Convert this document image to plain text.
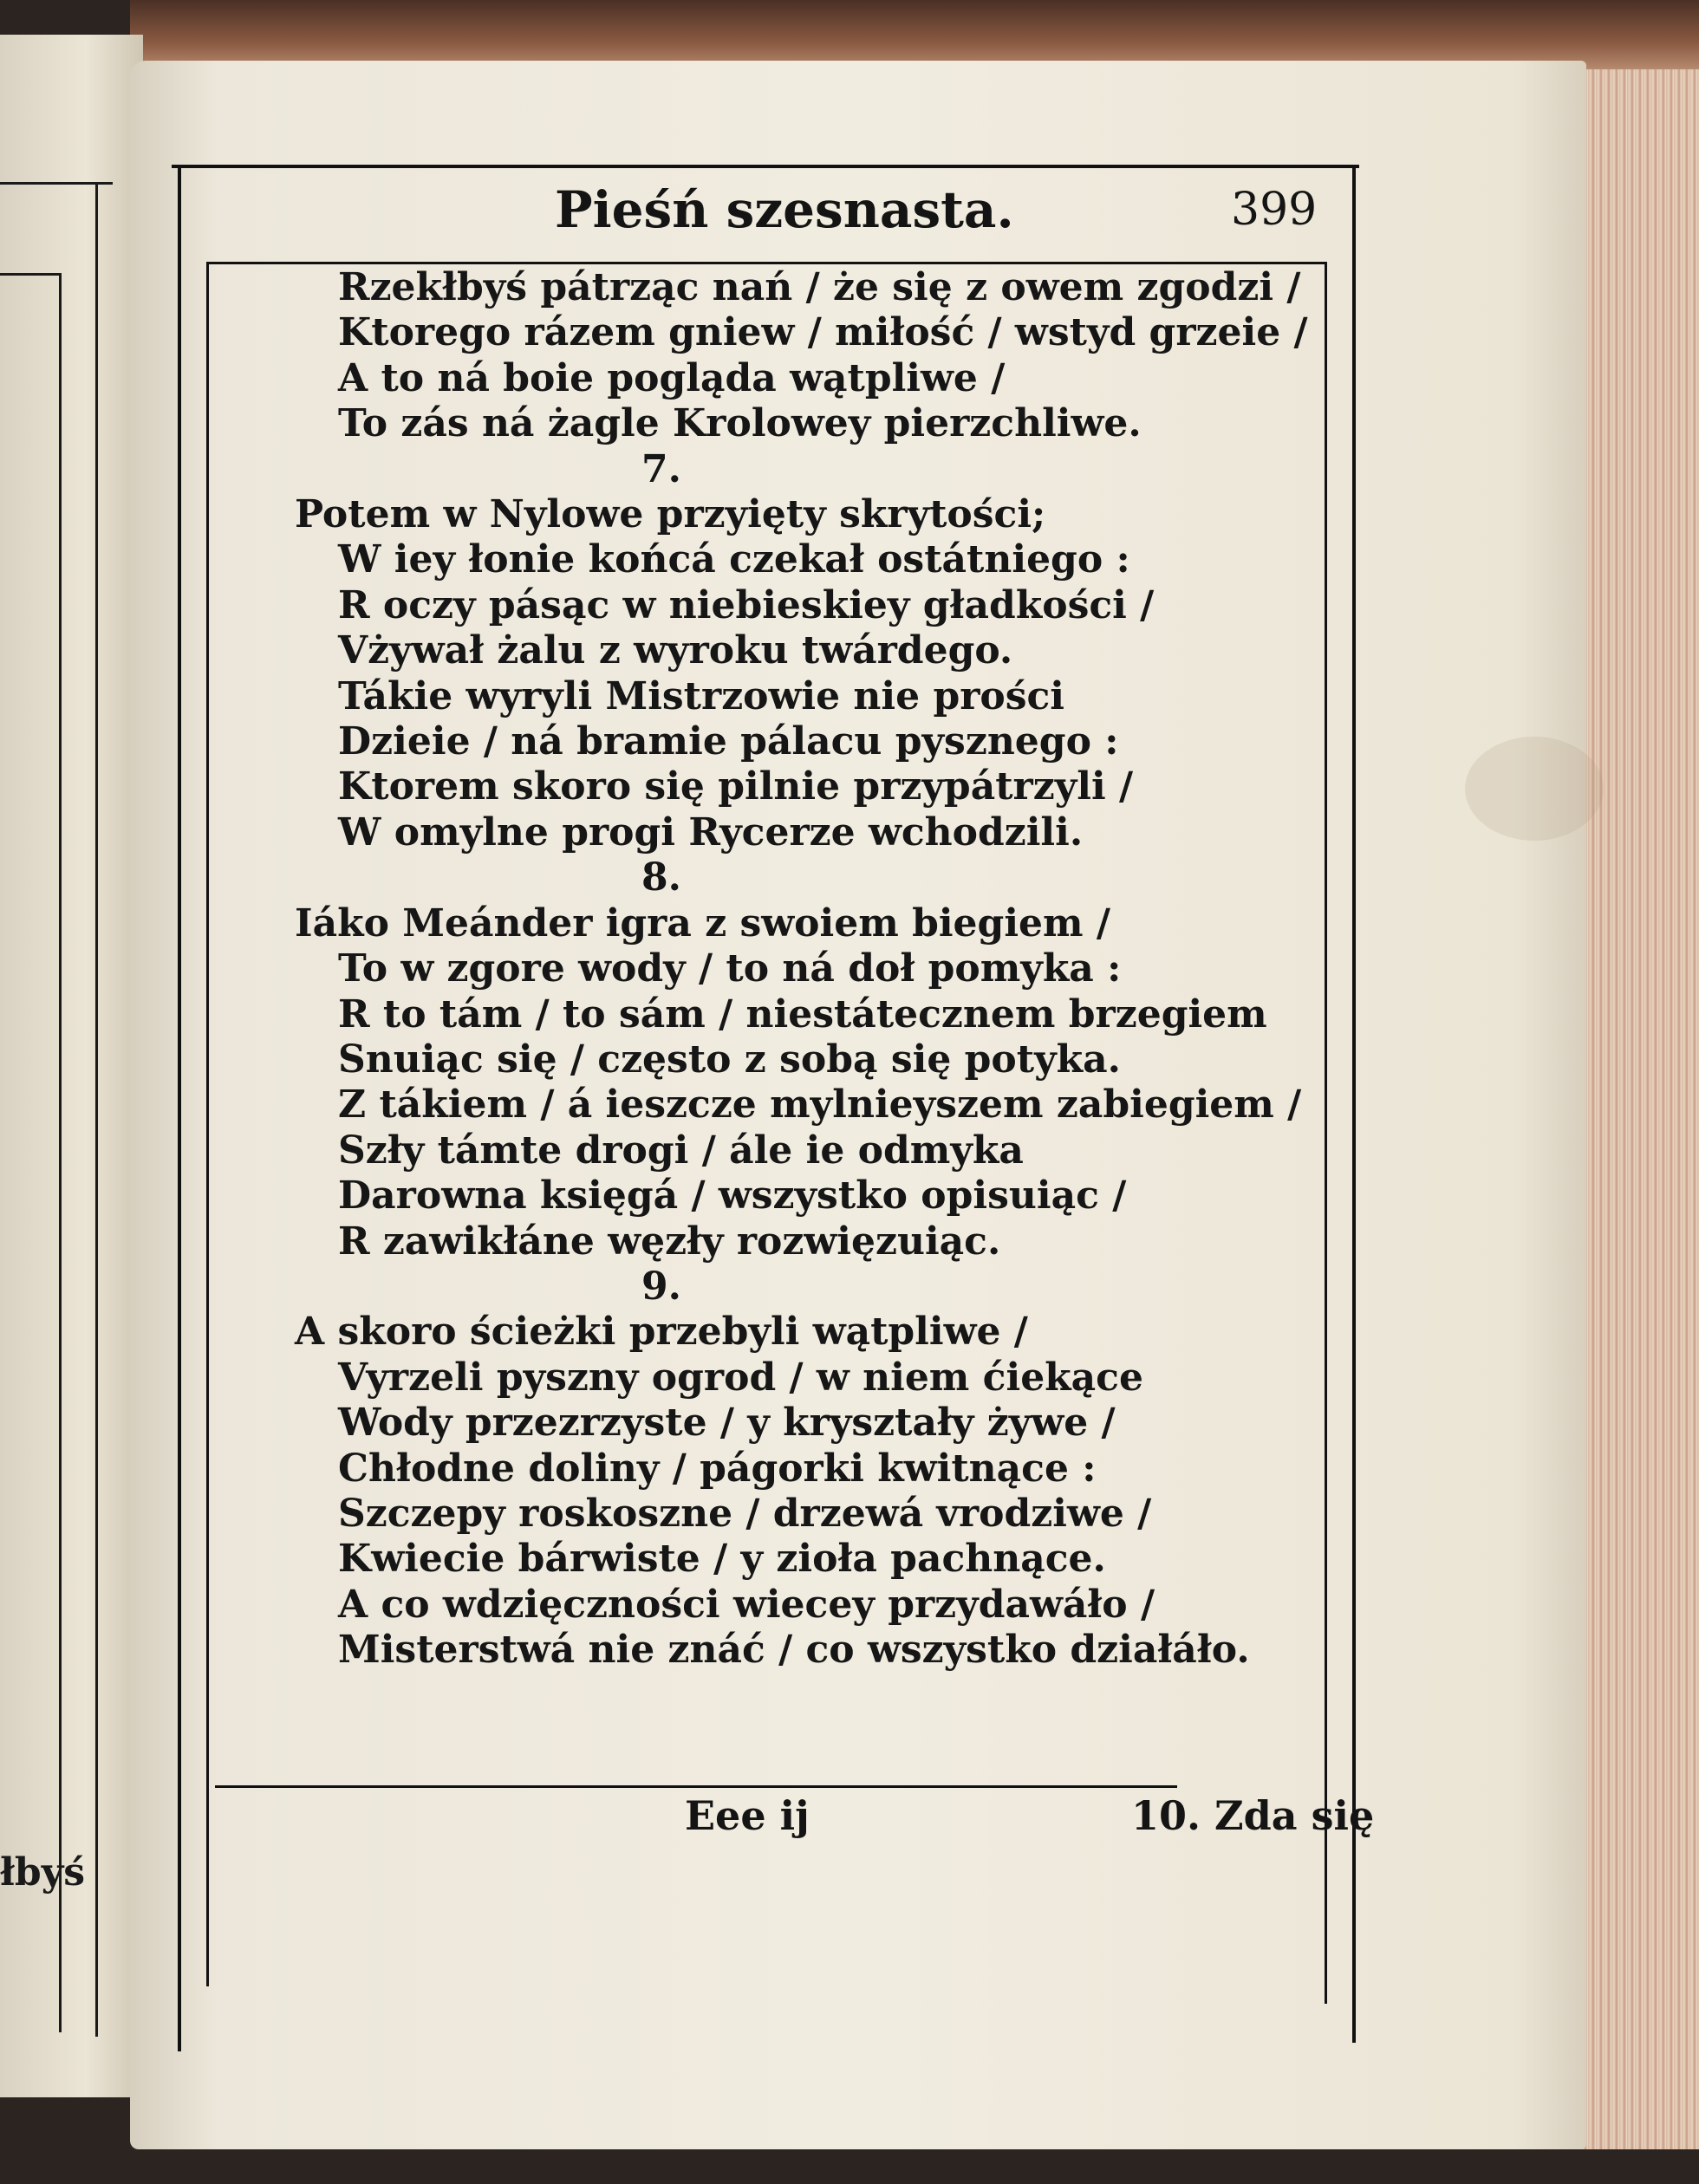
łbyś
Pieśń szesnasta.	399
Rzekłbyś pátrząc nań / że się z owem zgodzi /
Ktorego rázem gniew / miłość / wstyd grzeie /
A to ná boie pogląda wątpliwe /
To zás ná żagle Krolowey pierzchliwe.
7.
Potem w Nylowe przyięty skrytości;
W iey łonie końcá czekał ostátniego :
R oczy pásąc w niebieskiey gładkości /
Vżywał żalu z wyroku twárdego.
Tákie wyryli Mistrzowie nie prości
Dzieie / ná bramie pálacu pysznego :
Ktorem skoro się pilnie przypátrzyli /
W omylne progi Rycerze wchodzili.
8.
Iáko Meánder igra z swoiem biegiem /
To w zgore wody / to ná doł pomyka :
R to tám / to sám / niestátecznem brzegiem
Snuiąc się / często z sobą się potyka.
Z tákiem / á ieszcze mylnieyszem zabiegiem /
Szły támte drogi / ále ie odmyka
Darowna księgá / wszystko opisuiąc /
R zawikłáne węzły rozwięzuiąc.
9.
A skoro ścieżki przebyli wątpliwe /
Vyrzeli pyszny ogrod / w niem ćiekące
Wody przezrzyste / y kryształy żywe /
Chłodne doliny / págorki kwitnące :
Szczepy roskoszne / drzewá vrodziwe /
Kwiecie bárwiste / y zioła pachnące.
A co wdzięczności wiecey przydawáło /
Misterstwá nie znáć / co wszystko działáło.
Eee ij	10. Zda się
